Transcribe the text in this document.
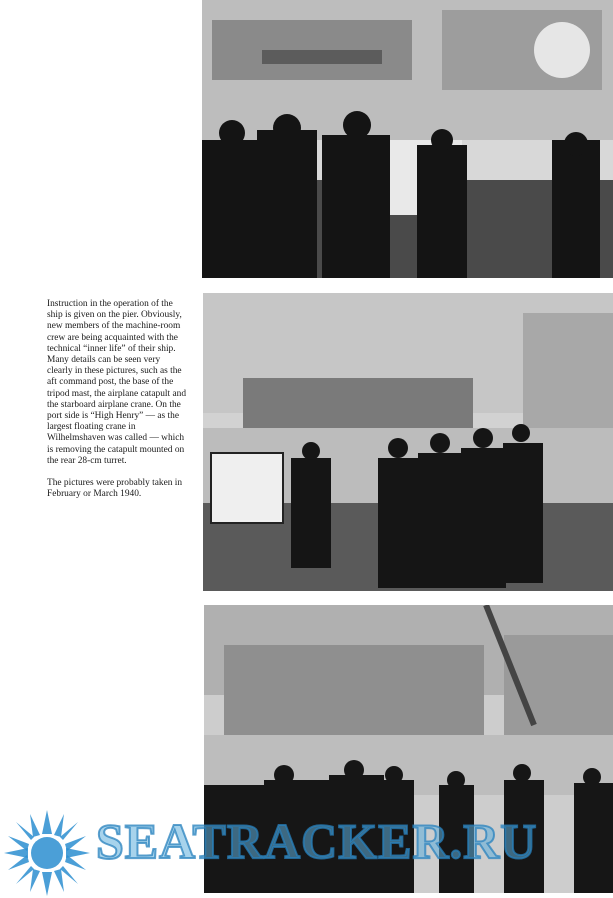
Instruction in the operation of the ship is given on the pier. Obviously, new members of the machine-room crew are being acquainted with the technical “inner life” of their ship. Many details can be seen very clearly in these pictures, such as the aft command post, the base of the tripod mast, the airplane catapult and the starboard airplane crane. On the port side is “High Henry” — as the largest floating crane in Wilhelmshaven was called — which is removing the catapult mounted on the rear 28-cm turret.

The pictures were probably taken in February or March 1940.

SEATRACKER.RU
